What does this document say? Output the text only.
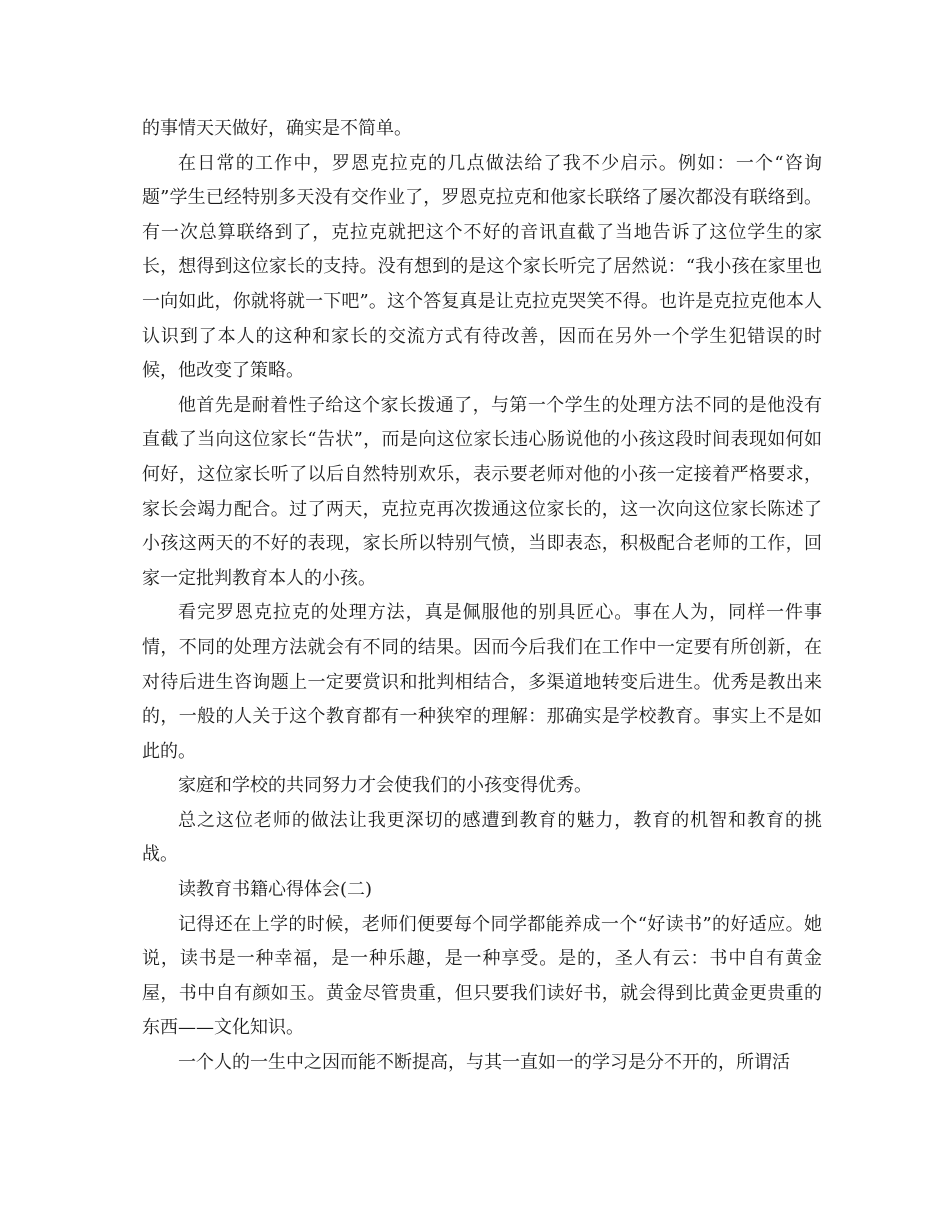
的事情天天做好，确实是不简单。

在日常的工作中，罗恩克拉克的几点做法给了我不少启示。例如：一个“咨询题”学生已经特别多天没有交作业了，罗恩克拉克和他家长联络了屡次都没有联络到。有一次总算联络到了，克拉克就把这个不好的音讯直截了当地告诉了这位学生的家长，想得到这位家长的支持。没有想到的是这个家长听完了居然说：“我小孩在家里也一向如此，你就将就一下吧”。这个答复真是让克拉克哭笑不得。也许是克拉克他本人认识到了本人的这种和家长的交流方式有待改善，因而在另外一个学生犯错误的时候，他改变了策略。

他首先是耐着性子给这个家长拨通了，与第一个学生的处理方法不同的是他没有直截了当向这位家长“告状”，而是向这位家长违心肠说他的小孩这段时间表现如何如何好，这位家长听了以后自然特别欢乐，表示要老师对他的小孩一定接着严格要求，家长会竭力配合。过了两天，克拉克再次拨通这位家长的，这一次向这位家长陈述了小孩这两天的不好的表现，家长所以特别气愤，当即表态，积极配合老师的工作，回家一定批判教育本人的小孩。

看完罗恩克拉克的处理方法，真是佩服他的别具匠心。事在人为，同样一件事情，不同的处理方法就会有不同的结果。因而今后我们在工作中一定要有所创新，在对待后进生咨询题上一定要赏识和批判相结合，多渠道地转变后进生。优秀是教出来的，一般的人关于这个教育都有一种狭窄的理解：那确实是学校教育。事实上不是如此的。

家庭和学校的共同努力才会使我们的小孩变得优秀。

总之这位老师的做法让我更深切的感遭到教育的魅力，教育的机智和教育的挑战。

读教育书籍心得体会(二)

记得还在上学的时候，老师们便要每个同学都能养成一个“好读书”的好适应。她说，读书是一种幸福，是一种乐趣，是一种享受。是的，圣人有云：书中自有黄金屋，书中自有颜如玉。黄金尽管贵重，但只要我们读好书，就会得到比黄金更贵重的东西——文化知识。

一个人的一生中之因而能不断提高，与其一直如一的学习是分不开的，所谓活
